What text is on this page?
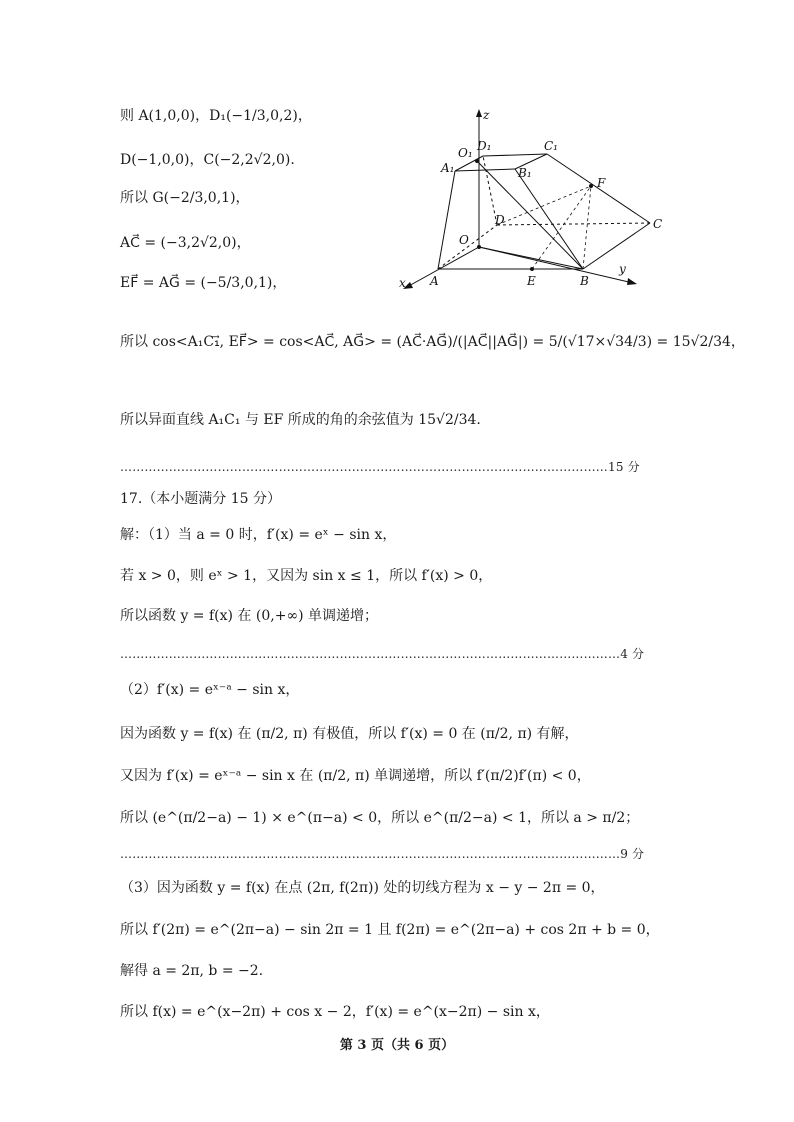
z
x
y
O₁ D₁	C₁
A₁	B₁
F
C
D
O
A	E	B
则 A(1,0,0)，D₁(−1/3,0,2)，
D(−1,0,0)，C(−2,2√2,0).
所以 G(−2/3,0,1)，
AC⃗ = (−3,2√2,0)，
EF⃗ = AG⃗ = (−5/3,0,1)，
所以 cos<A₁C₁⃗, EF⃗> = cos<AC⃗, AG⃗> = (AC⃗·AG⃗)/(|AC⃗||AG⃗|) = 5/(√17×√34/3) = 15√2/34，
所以异面直线 A₁C₁ 与 EF 所成的角的余弦值为 15√2/34.
…………………………………………………………………………………………………………15 分
17.（本小题满分 15 分）
解：（1）当 a = 0 时，f′(x) = eˣ − sin x，
若 x > 0，则 eˣ > 1，又因为 sin x ≤ 1，所以 f′(x) > 0，
所以函数 y = f(x) 在 (0,+∞) 单调递增；
……………………………………………………………………………………………………………4 分
（2）f′(x) = eˣ⁻ᵃ − sin x，
因为函数 y = f(x) 在 (π/2, π) 有极值，所以 f′(x) = 0 在 (π/2, π) 有解，
又因为 f′(x) = eˣ⁻ᵃ − sin x 在 (π/2, π) 单调递增，所以 f′(π/2)f′(π) < 0，
所以 (e^(π/2−a) − 1) × e^(π−a) < 0，所以 e^(π/2−a) < 1，所以 a > π/2；
……………………………………………………………………………………………………………9 分
（3）因为函数 y = f(x) 在点 (2π, f(2π)) 处的切线方程为 x − y − 2π = 0，
所以 f′(2π) = e^(2π−a) − sin 2π = 1 且 f(2π) = e^(2π−a) + cos 2π + b = 0，
解得 a = 2π, b = −2.
所以 f(x) = e^(x−2π) + cos x − 2，f′(x) = e^(x−2π) − sin x，
第 3 页（共 6 页）
